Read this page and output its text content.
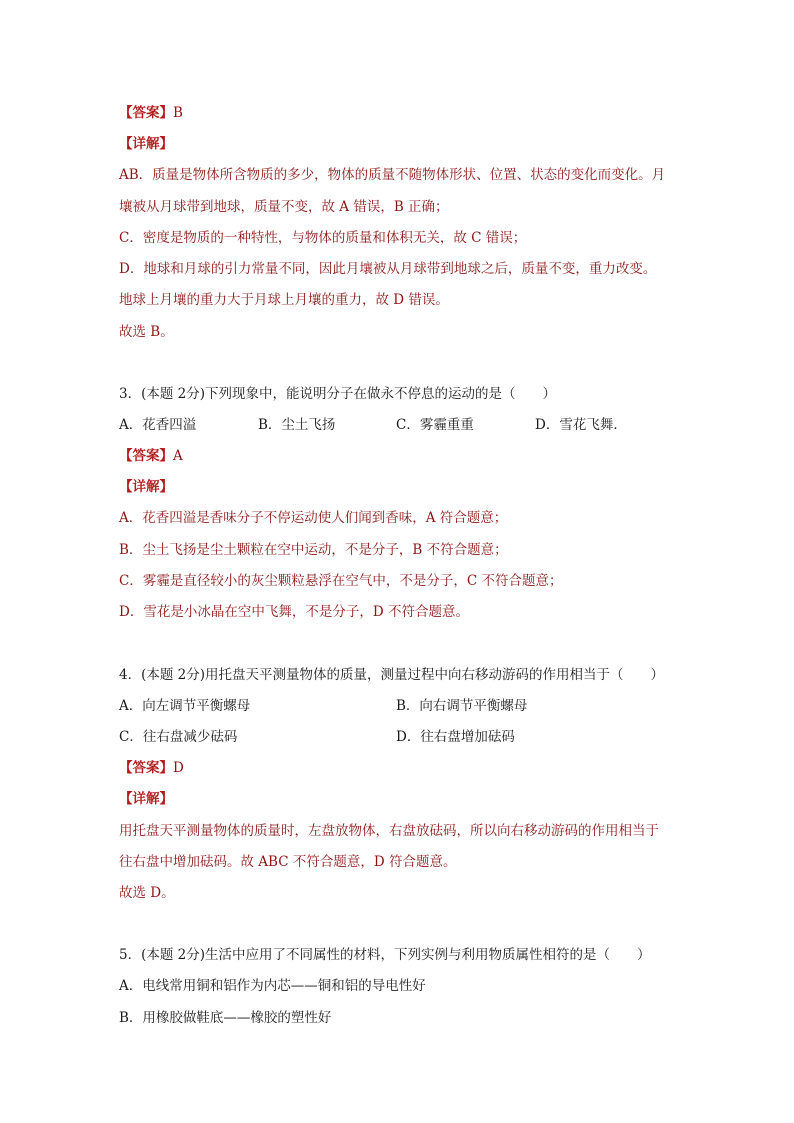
【答案】B
【详解】
AB．质量是物体所含物质的多少，物体的质量不随物体形状、位置、状态的变化而变化。月
壤被从月球带到地球，质量不变，故 A 错误，B 正确；
C．密度是物质的一种特性，与物体的质量和体积无关，故 C 错误；
D．地球和月球的引力常量不同，因此月壤被从月球带到地球之后，质量不变，重力改变。
地球上月壤的重力大于月球上月壤的重力，故 D 错误。
故选 B。
3．(本题 2分)下列现象中，能说明分子在做永不停息的运动的是（　　）
A．花香四溢	B．尘土飞扬	C．雾霾重重	D．雪花飞舞．
【答案】A
【详解】
A．花香四溢是香味分子不停运动使人们闻到香味，A 符合题意；
B．尘土飞扬是尘土颗粒在空中运动，不是分子，B 不符合题意；
C．雾霾是直径较小的灰尘颗粒悬浮在空气中，不是分子，C 不符合题意；
D．雪花是小冰晶在空中飞舞，不是分子，D 不符合题意。
4．(本题 2分)用托盘天平测量物体的质量，测量过程中向右移动游码的作用相当于（　　）
A．向左调节平衡螺母	B．向右调节平衡螺母
C．往右盘减少砝码	D．往右盘增加砝码
【答案】D
【详解】
用托盘天平测量物体的质量时，左盘放物体，右盘放砝码，所以向右移动游码的作用相当于
往右盘中增加砝码。故 ABC 不符合题意，D 符合题意。
故选 D。
5．(本题 2分)生活中应用了不同属性的材料，下列实例与利用物质属性相符的是（　　）
A．电线常用铜和铝作为内芯——铜和铝的导电性好
B．用橡胶做鞋底——橡胶的塑性好
